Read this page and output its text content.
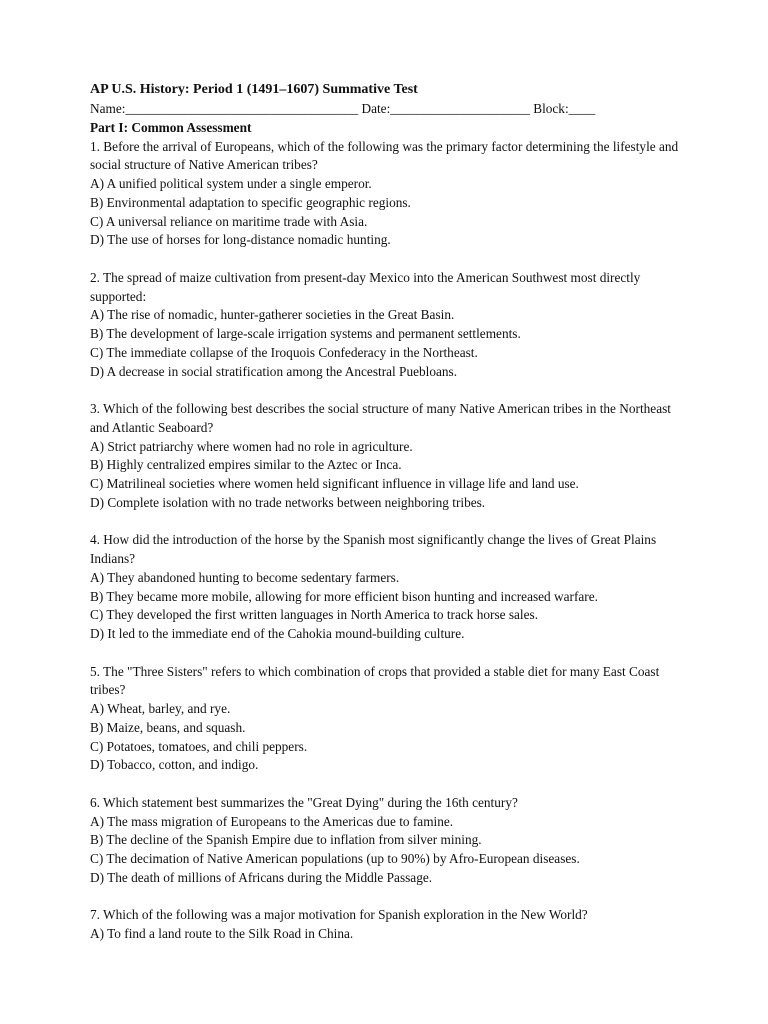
AP U.S. History: Period 1 (1491–1607) Summative Test

Name:___________________________________ Date:_____________________ Block:____

Part I: Common Assessment

1. Before the arrival of Europeans, which of the following was the primary factor determining the lifestyle and social structure of Native American tribes?

A) A unified political system under a single emperor.

B) Environmental adaptation to specific geographic regions.

C) A universal reliance on maritime trade with Asia.

D) The use of horses for long-distance nomadic hunting.

2. The spread of maize cultivation from present-day Mexico into the American Southwest most directly supported:

A) The rise of nomadic, hunter-gatherer societies in the Great Basin.

B) The development of large-scale irrigation systems and permanent settlements.

C) The immediate collapse of the Iroquois Confederacy in the Northeast.

D) A decrease in social stratification among the Ancestral Puebloans.

3. Which of the following best describes the social structure of many Native American tribes in the Northeast and Atlantic Seaboard?

A) Strict patriarchy where women had no role in agriculture.

B) Highly centralized empires similar to the Aztec or Inca.

C) Matrilineal societies where women held significant influence in village life and land use.

D) Complete isolation with no trade networks between neighboring tribes.

4. How did the introduction of the horse by the Spanish most significantly change the lives of Great Plains Indians?

A) They abandoned hunting to become sedentary farmers.

B) They became more mobile, allowing for more efficient bison hunting and increased warfare.

C) They developed the first written languages in North America to track horse sales.

D) It led to the immediate end of the Cahokia mound-building culture.

5. The "Three Sisters" refers to which combination of crops that provided a stable diet for many East Coast tribes?

A) Wheat, barley, and rye.

B) Maize, beans, and squash.

C) Potatoes, tomatoes, and chili peppers.

D) Tobacco, cotton, and indigo.

6. Which statement best summarizes the "Great Dying" during the 16th century?

A) The mass migration of Europeans to the Americas due to famine.

B) The decline of the Spanish Empire due to inflation from silver mining.

C) The decimation of Native American populations (up to 90%) by Afro-European diseases.

D) The death of millions of Africans during the Middle Passage.

7. Which of the following was a major motivation for Spanish exploration in the New World?

A) To find a land route to the Silk Road in China.
